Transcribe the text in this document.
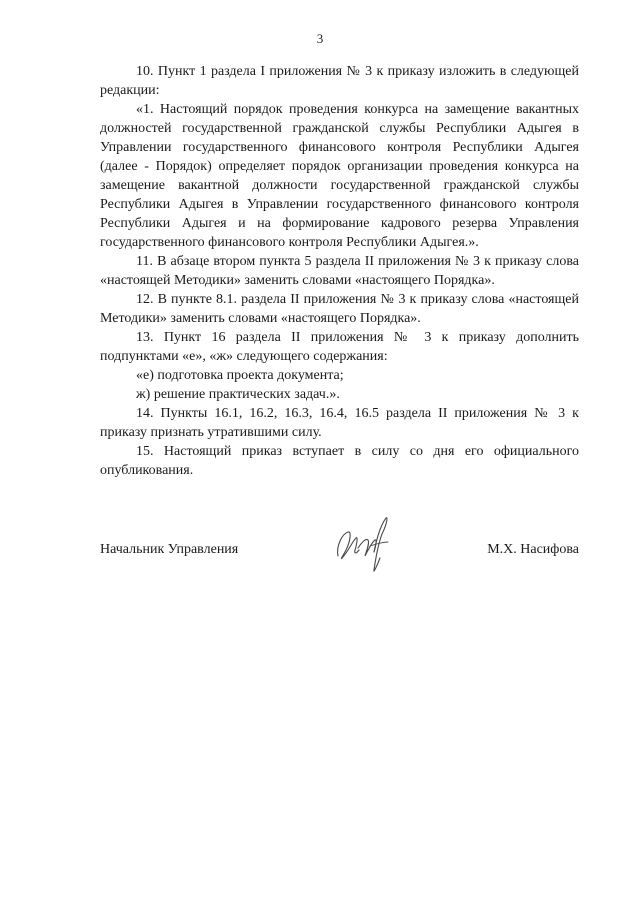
3

10. Пункт 1 раздела I приложения № 3 к приказу изложить в следующей редакции:

«1. Настоящий порядок проведения конкурса на замещение вакантных должностей государственной гражданской службы Республики Адыгея в Управлении государственного финансового контроля Республики Адыгея (далее - Порядок) определяет порядок организации проведения конкурса на замещение вакантной должности государственной гражданской службы Республики Адыгея в Управлении государственного финансового контроля Республики Адыгея и на формирование кадрового резерва Управления государственного финансового контроля Республики Адыгея.».

11. В абзаце втором пункта 5 раздела II приложения № 3 к приказу слова «настоящей Методики» заменить словами «настоящего Порядка».

12. В пункте 8.1. раздела II приложения № 3 к приказу слова «настоящей Методики» заменить словами «настоящего Порядка».

13. Пункт 16 раздела II приложения № 3 к приказу дополнить подпунктами «е», «ж» следующего содержания:

«е) подготовка проекта документа;

ж) решение практических задач.».

14. Пункты 16.1, 16.2, 16.3, 16.4, 16.5 раздела II приложения № 3 к приказу признать утратившими силу.

15. Настоящий приказ вступает в силу со дня его официального опубликования.

Начальник Управления	М.Х. Насифова
